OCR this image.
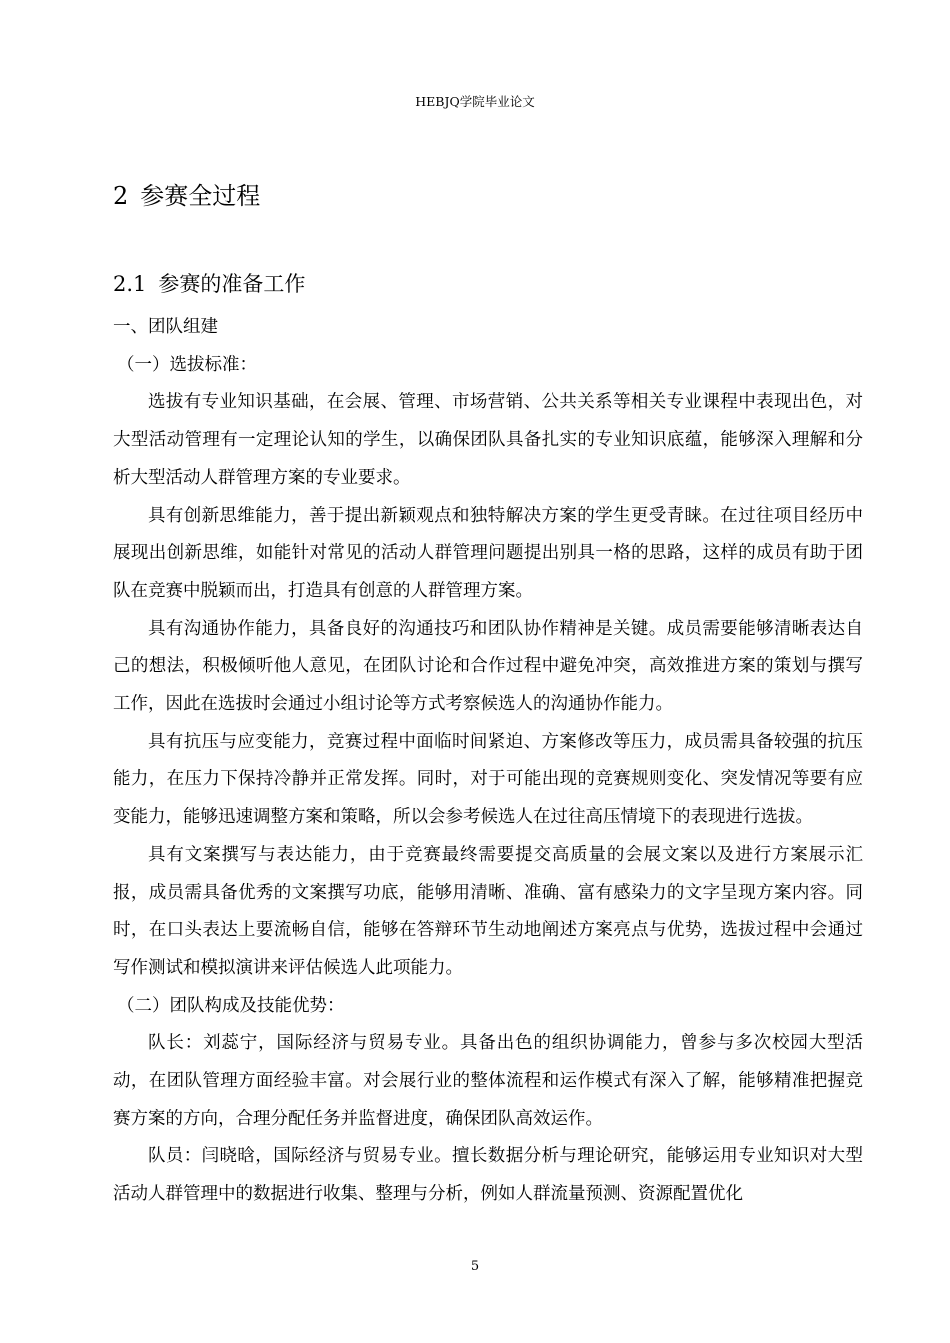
HEBJQ学院毕业论文
2 参赛全过程
2.1 参赛的准备工作

一、团队组建

（一）选拔标准：

选拔有专业知识基础，在会展、管理、市场营销、公共关系等相关专业课程中表现出色，对大型活动管理有一定理论认知的学生，以确保团队具备扎实的专业知识底蕴，能够深入理解和分析大型活动人群管理方案的专业要求。

具有创新思维能力，善于提出新颖观点和独特解决方案的学生更受青睐。在过往项目经历中展现出创新思维，如能针对常见的活动人群管理问题提出别具一格的思路，这样的成员有助于团队在竞赛中脱颖而出，打造具有创意的人群管理方案。

具有沟通协作能力，具备良好的沟通技巧和团队协作精神是关键。成员需要能够清晰表达自己的想法，积极倾听他人意见，在团队讨论和合作过程中避免冲突，高效推进方案的策划与撰写工作，因此在选拔时会通过小组讨论等方式考察候选人的沟通协作能力。

具有抗压与应变能力，竞赛过程中面临时间紧迫、方案修改等压力，成员需具备较强的抗压能力，在压力下保持冷静并正常发挥。同时，对于可能出现的竞赛规则变化、突发情况等要有应变能力，能够迅速调整方案和策略，所以会参考候选人在过往高压情境下的表现进行选拔。

具有文案撰写与表达能力，由于竞赛最终需要提交高质量的会展文案以及进行方案展示汇报，成员需具备优秀的文案撰写功底，能够用清晰、准确、富有感染力的文字呈现方案内容。同时，在口头表达上要流畅自信，能够在答辩环节生动地阐述方案亮点与优势，选拔过程中会通过写作测试和模拟演讲来评估候选人此项能力。

（二）团队构成及技能优势：

队长：刘蕊宁，国际经济与贸易专业。具备出色的组织协调能力，曾参与多次校园大型活动，在团队管理方面经验丰富。对会展行业的整体流程和运作模式有深入了解，能够精准把握竞赛方案的方向，合理分配任务并监督进度，确保团队高效运作。

队员：闫晓晗，国际经济与贸易专业。擅长数据分析与理论研究，能够运用专业知识对大型活动人群管理中的数据进行收集、整理与分析，例如人群流量预测、资源配置优化

5
